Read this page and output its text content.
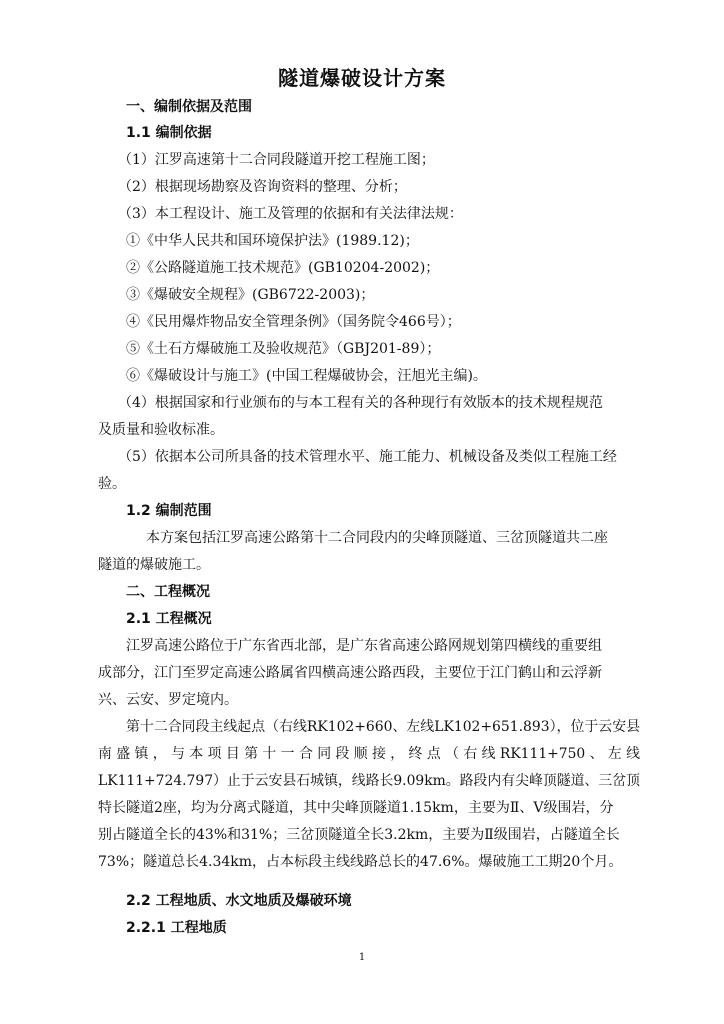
隧道爆破设计方案
一、编制依据及范围
1.1 编制依据
（1）江罗高速第十二合同段隧道开挖工程施工图；
（2）根据现场勘察及咨询资料的整理、分析；
（3）本工程设计、施工及管理的依据和有关法律法规：
①《中华人民共和国环境保护法》(1989.12)；
②《公路隧道施工技术规范》(GB10204-2002)；
③《爆破安全规程》(GB6722-2003)；
④《民用爆炸物品安全管理条例》（国务院令466号）；
⑤《土石方爆破施工及验收规范》（GBJ201-89）；
⑥《爆破设计与施工》(中国工程爆破协会，汪旭光主编)。
（4）根据国家和行业颁布的与本工程有关的各种现行有效版本的技术规程规范
及质量和验收标准。
（5）依据本公司所具备的技术管理水平、施工能力、机械设备及类似工程施工经
验。
1.2 编制范围
本方案包括江罗高速公路第十二合同段内的尖峰顶隧道、三岔顶隧道共二座
隧道的爆破施工。
二、工程概况
2.1 工程概况
江罗高速公路位于广东省西北部，是广东省高速公路网规划第四横线的重要组
成部分，江门至罗定高速公路属省四横高速公路西段，主要位于江门鹤山和云浮新
兴、云安、罗定境内。
第十二合同段主线起点（右线RK102+660、左线LK102+651.893），位于云安县
南 盛 镇 ， 与 本 项 目 第 十 一 合 同 段 顺 接 ， 终 点 （ 右 线 RK111+750 、 左 线
LK111+724.797）止于云安县石城镇，线路长9.09km。路段内有尖峰顶隧道、三岔顶
特长隧道2座，均为分离式隧道，其中尖峰顶隧道1.15km，主要为Ⅱ、Ⅴ级围岩，分
别占隧道全长的43%和31%；三岔顶隧道全长3.2km，主要为Ⅱ级围岩，占隧道全长
73%；隧道总长4.34km，占本标段主线线路总长的47.6%。爆破施工工期20个月。
2.2 工程地质、水文地质及爆破环境
2.2.1 工程地质
1
